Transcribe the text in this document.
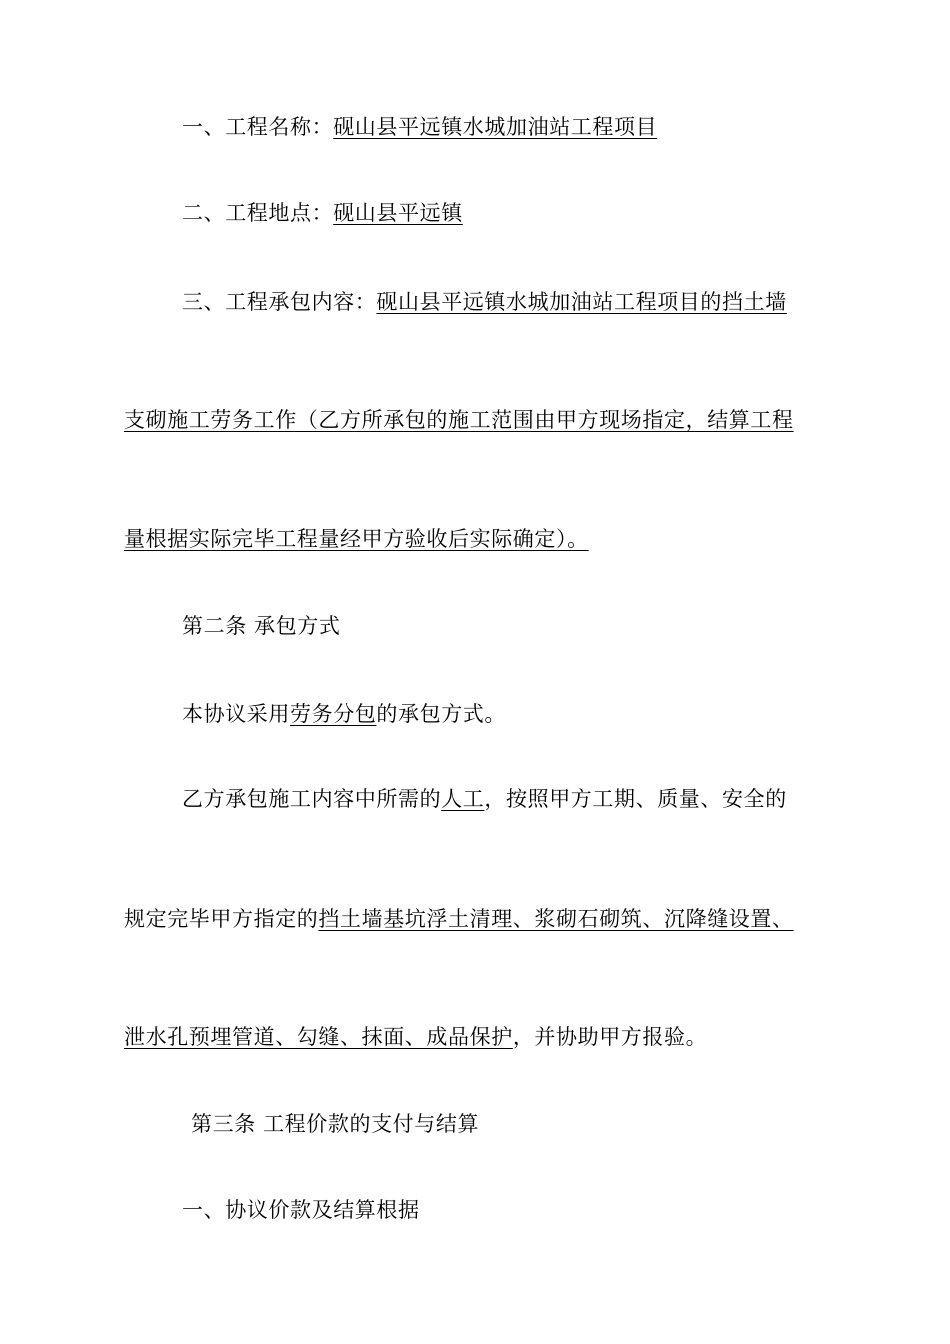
一、工程名称：砚山县平远镇水城加油站工程项目
二、工程地点：砚山县平远镇
三、工程承包内容：砚山县平远镇水城加油站工程项目的挡土墙
支砌施工劳务工作（乙方所承包的施工范围由甲方现场指定，结算工程
量根据实际完毕工程量经甲方验收后实际确定）。
第二条 承包方式
本协议采用劳务分包的承包方式。
乙方承包施工内容中所需的人工，按照甲方工期、质量、安全的
规定完毕甲方指定的挡土墙基坑浮土清理、浆砌石砌筑、沉降缝设置、
泄水孔预埋管道、勾缝、抹面、成品保护，并协助甲方报验。
第三条 工程价款的支付与结算
一、协议价款及结算根据
